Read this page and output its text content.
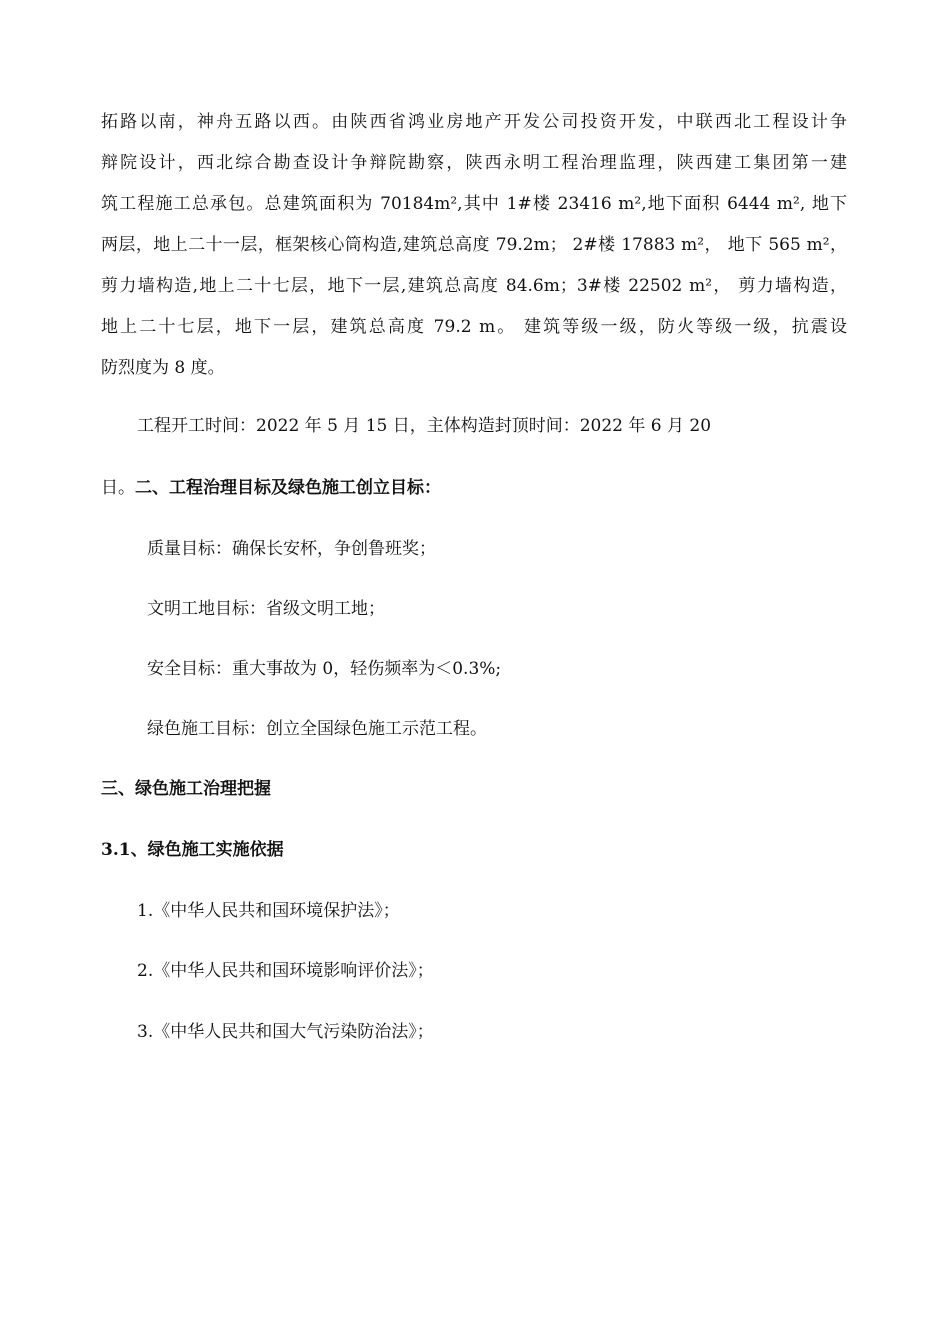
拓路以南，神舟五路以西。由陕西省鸿业房地产开发公司投资开发，中联西北工程设计争
辩院设计，西北综合勘查设计争辩院勘察，陕西永明工程治理监理，陕西建工集团第一建
筑工程施工总承包。总建筑面积为 70184m²,其中 1#楼 23416 m²,地下面积 6444 m², 地下
两层，地上二十一层，框架核心筒构造,建筑总高度 79.2m； 2#楼 17883 m²， 地下 565 m²，
剪力墙构造,地上二十七层，地下一层,建筑总高度 84.6m；3#楼 22502 m²， 剪力墙构造，
地上二十七层，地下一层，建筑总高度 79.2 m。 建筑等级一级，防火等级一级，抗震设
防烈度为 8 度。
工程开工时间：2022 年 5 月 15 日，主体构造封顶时间：2022 年 6 月 20
日。二、工程治理目标及绿色施工创立目标：
质量目标：确保长安杯，争创鲁班奖；
文明工地目标：省级文明工地；
安全目标：重大事故为 0，轻伤频率为＜0.3%;
绿色施工目标：创立全国绿色施工示范工程。
三、绿色施工治理把握
3.1、绿色施工实施依据
1.《中华人民共和国环境保护法》；
2.《中华人民共和国环境影响评价法》；
3.《中华人民共和国大气污染防治法》；
